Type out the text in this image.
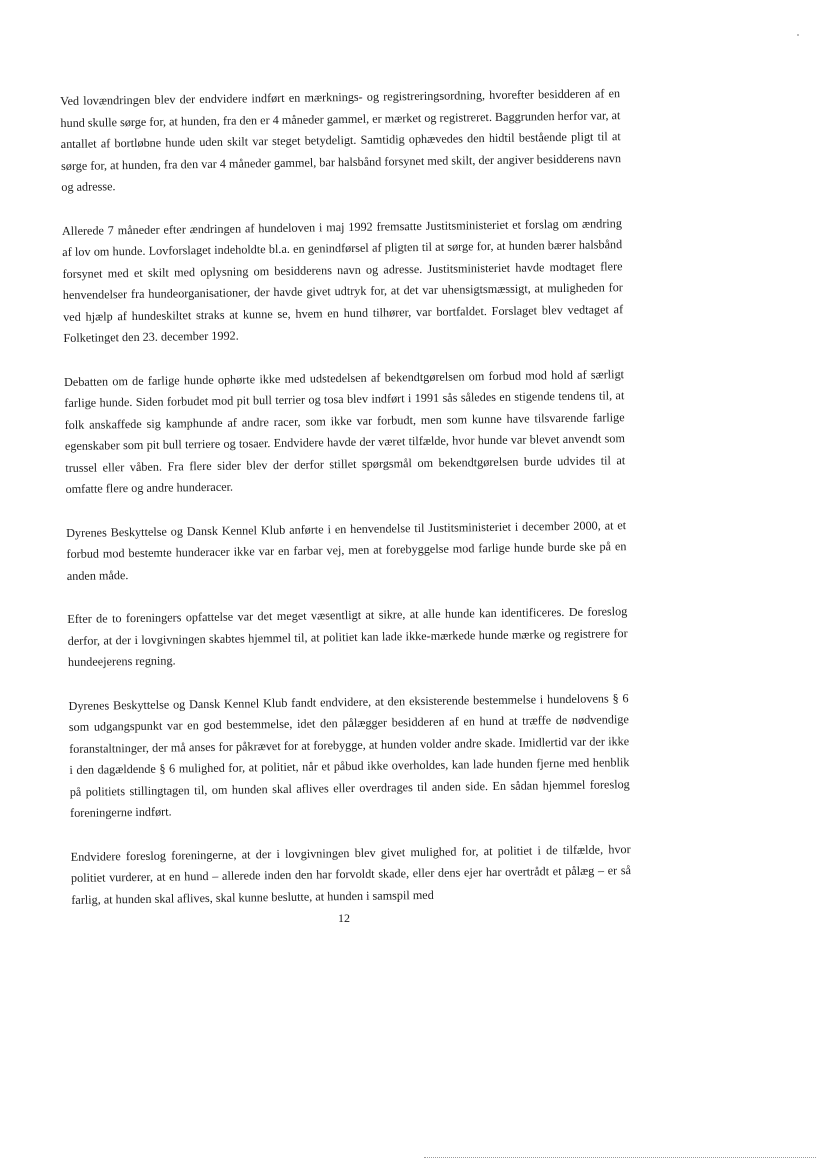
Ved lovændringen blev der endvidere indført en mærknings- og registreringsordning, hvorefter besidderen af en hund skulle sørge for, at hunden, fra den er 4 måneder gammel, er mærket og registreret. Baggrunden herfor var, at antallet af bortløbne hunde uden skilt var steget betydeligt. Samtidig ophævedes den hidtil bestående pligt til at sørge for, at hunden, fra den var 4 måneder gammel, bar halsbånd forsynet med skilt, der angiver besidderens navn og adresse.

Allerede 7 måneder efter ændringen af hundeloven i maj 1992 fremsatte Justitsministeriet et forslag om ændring af lov om hunde. Lovforslaget indeholdte bl.a. en genindførsel af pligten til at sørge for, at hunden bærer halsbånd forsynet med et skilt med oplysning om besidderens navn og adresse. Justitsministeriet havde modtaget flere henvendelser fra hundeorganisationer, der havde givet udtryk for, at det var uhensigtsmæssigt, at muligheden for ved hjælp af hundeskiltet straks at kunne se, hvem en hund tilhører, var bortfaldet. Forslaget blev vedtaget af Folketinget den 23. december 1992.

Debatten om de farlige hunde ophørte ikke med udstedelsen af bekendtgørelsen om forbud mod hold af særligt farlige hunde. Siden forbudet mod pit bull terrier og tosa blev indført i 1991 sås således en stigende tendens til, at folk anskaffede sig kamphunde af andre racer, som ikke var forbudt, men som kunne have tilsvarende farlige egenskaber som pit bull terriere og tosaer. Endvidere havde der været tilfælde, hvor hunde var blevet anvendt som trussel eller våben. Fra flere sider blev der derfor stillet spørgsmål om bekendtgørelsen burde udvides til at omfatte flere og andre hunderacer.

Dyrenes Beskyttelse og Dansk Kennel Klub anførte i en henvendelse til Justitsministeriet i december 2000, at et forbud mod bestemte hunderacer ikke var en farbar vej, men at forebyggelse mod farlige hunde burde ske på en anden måde.

Efter de to foreningers opfattelse var det meget væsentligt at sikre, at alle hunde kan identificeres. De foreslog derfor, at der i lovgivningen skabtes hjemmel til, at politiet kan lade ikke-mærkede hunde mærke og registrere for hundeejerens regning.

Dyrenes Beskyttelse og Dansk Kennel Klub fandt endvidere, at den eksisterende bestemmelse i hundelovens § 6 som udgangspunkt var en god bestemmelse, idet den pålægger besidderen af en hund at træffe de nødvendige foranstaltninger, der må anses for påkrævet for at forebygge, at hunden volder andre skade. Imidlertid var der ikke i den dagældende § 6 mulighed for, at politiet, når et påbud ikke overholdes, kan lade hunden fjerne med henblik på politiets stillingtagen til, om hunden skal aflives eller overdrages til anden side. En sådan hjemmel foreslog foreningerne indført.

Endvidere foreslog foreningerne, at der i lovgivningen blev givet mulighed for, at politiet i de tilfælde, hvor politiet vurderer, at en hund – allerede inden den har forvoldt skade, eller dens ejer har overtrådt et pålæg – er så farlig, at hunden skal aflives, skal kunne beslutte, at hunden i samspil med

12
